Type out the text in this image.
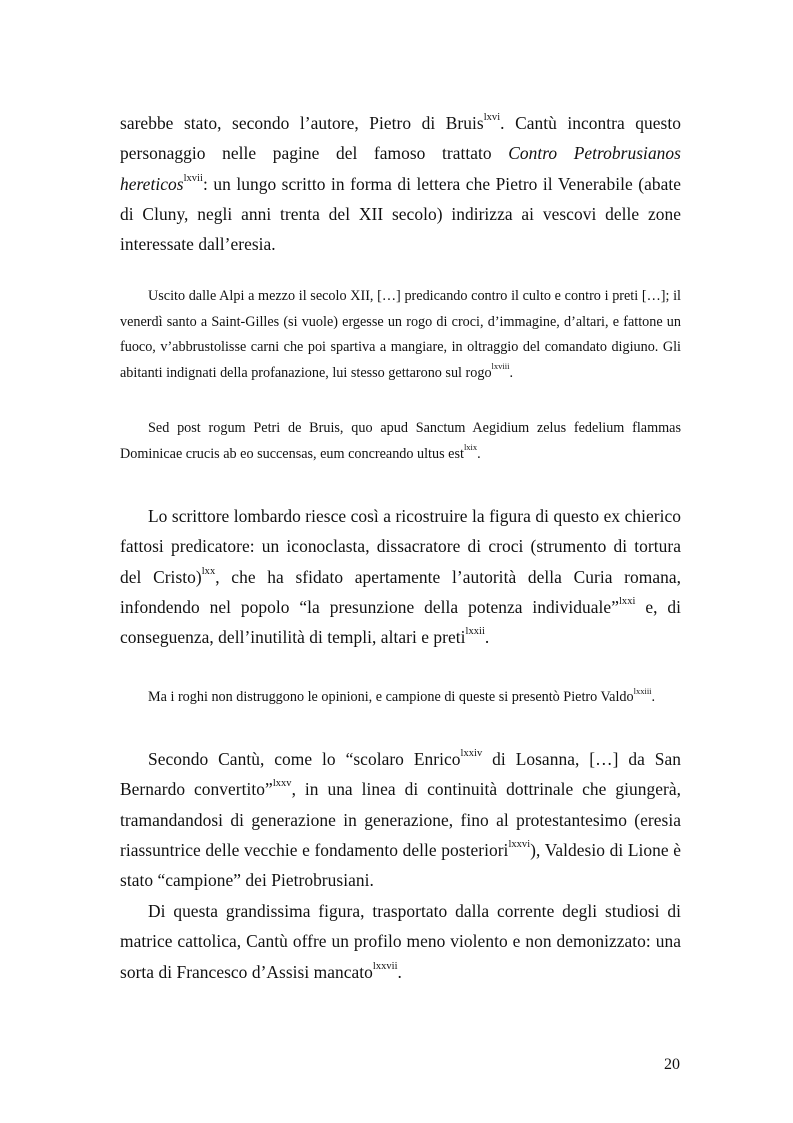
sarebbe stato, secondo l’autore, Pietro di Bruis$^{lxvi}$. Cantù incontra questo personaggio nelle pagine del famoso trattato Contro Petrobrusianos hereticos$^{lxvii}$: un lungo scritto in forma di lettera che Pietro il Venerabile (abate di Cluny, negli anni trenta del XII secolo) indirizza ai vescovi delle zone interessate dall’eresia.

Uscito dalle Alpi a mezzo il secolo XII, […] predicando contro il culto e contro i preti […]; il venerdì santo a Saint-Gilles (si vuole) ergesse un rogo di croci, d’immagine, d’altari, e fattone un fuoco, v’abbrustolisse carni che poi spartiva a mangiare, in oltraggio del comandato digiuno. Gli abitanti indignati della profanazione, lui stesso gettarono sul rogo$^{lxviii}$.

Sed post rogum Petri de Bruis, quo apud Sanctum Aegidium zelus fedelium flammas Dominicae crucis ab eo succensas, eum concreando ultus est$^{lxix}$.

Lo scrittore lombardo riesce così a ricostruire la figura di questo ex chierico fattosi predicatore: un iconoclasta, dissacratore di croci (strumento di tortura del Cristo)$^{lxx}$, che ha sfidato apertamente l’autorità della Curia romana, infondendo nel popolo “la presunzione della potenza individuale”$^{lxxi}$ e, di conseguenza, dell’inutilità di templi, altari e preti$^{lxxii}$.

Ma i roghi non distruggono le opinioni, e campione di queste si presentò Pietro Valdo$^{lxxiii}$.

Secondo Cantù, come lo “scolaro Enrico$^{lxxiv}$ di Losanna, […] da San Bernardo convertito”$^{lxxv}$, in una linea di continuità dottrinale che giungerà, tramandandosi di generazione in generazione, fino al protestantesimo (eresia riassuntrice delle vecchie e fondamento delle posteriori$^{lxxvi}$), Valdesio di Lione è stato “campione” dei Pietrobrusiani.

Di questa grandissima figura, trasportato dalla corrente degli studiosi di matrice cattolica, Cantù offre un profilo meno violento e non demonizzato: una sorta di Francesco d’Assisi mancato$^{lxxvii}$.

20
